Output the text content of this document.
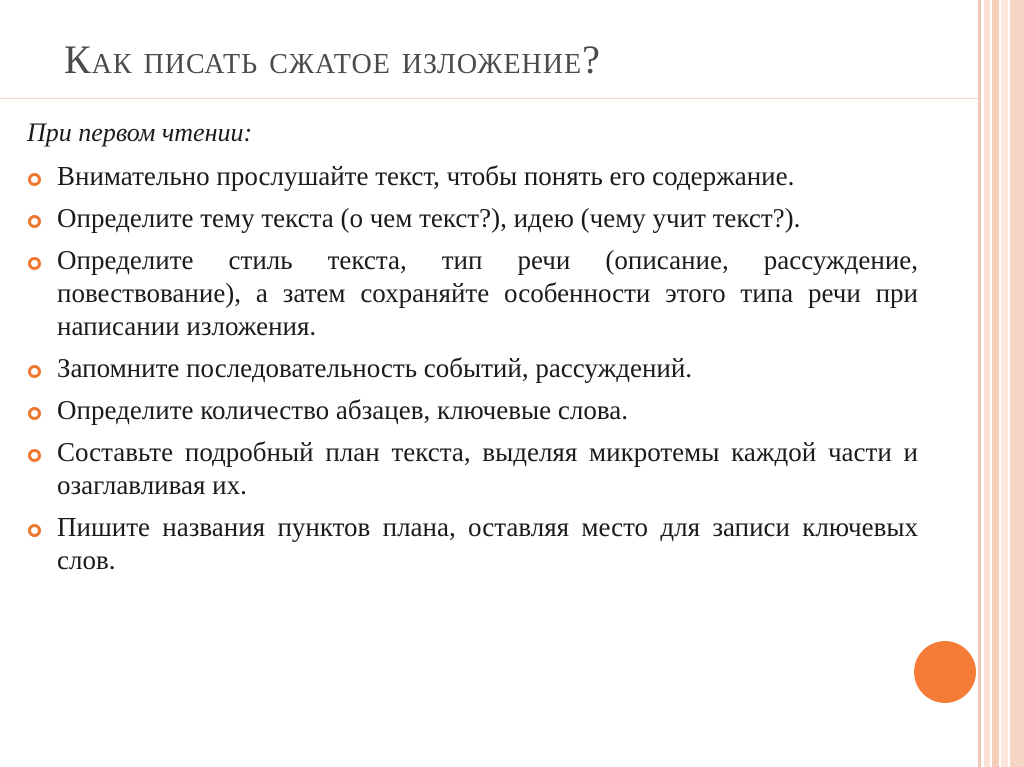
Как писать сжатое изложение?
При первом чтении:
Внимательно прослушайте текст, чтобы понять его содержание.
Определите тему текста (о чем текст?), идею (чему учит текст?).
Определите стиль текста, тип речи (описание, рассуждение, повествование), а затем сохраняйте особенности этого типа речи при написании изложения.
Запомните последовательность событий, рассуждений.
Определите количество абзацев, ключевые слова.
Составьте подробный план текста, выделяя микротемы каждой части и озаглавливая их.
Пишите названия пунктов плана, оставляя место для записи ключевых слов.
